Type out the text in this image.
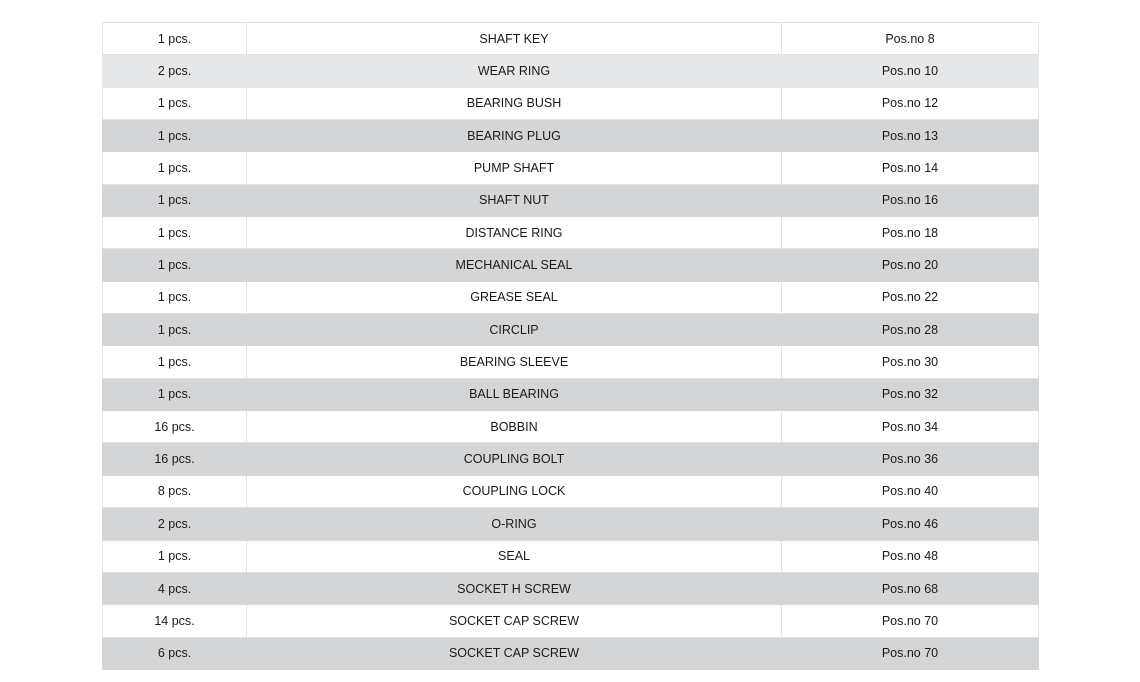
1 pcs.	SHAFT KEY	Pos.no 8
2 pcs.	WEAR RING	Pos.no 10
1 pcs.	BEARING BUSH	Pos.no 12
1 pcs.	BEARING PLUG	Pos.no 13
1 pcs.	PUMP SHAFT	Pos.no 14
1 pcs.	SHAFT NUT	Pos.no 16
1 pcs.	DISTANCE RING	Pos.no 18
1 pcs.	MECHANICAL SEAL	Pos.no 20
1 pcs.	GREASE SEAL	Pos.no 22
1 pcs.	CIRCLIP	Pos.no 28
1 pcs.	BEARING SLEEVE	Pos.no 30
1 pcs.	BALL BEARING	Pos.no 32
16 pcs.	BOBBIN	Pos.no 34
16 pcs.	COUPLING BOLT	Pos.no 36
8 pcs.	COUPLING LOCK	Pos.no 40
2 pcs.	O-RING	Pos.no 46
1 pcs.	SEAL	Pos.no 48
4 pcs.	SOCKET H SCREW	Pos.no 68
14 pcs.	SOCKET CAP SCREW	Pos.no 70
6 pcs.	SOCKET CAP SCREW	Pos.no 70
